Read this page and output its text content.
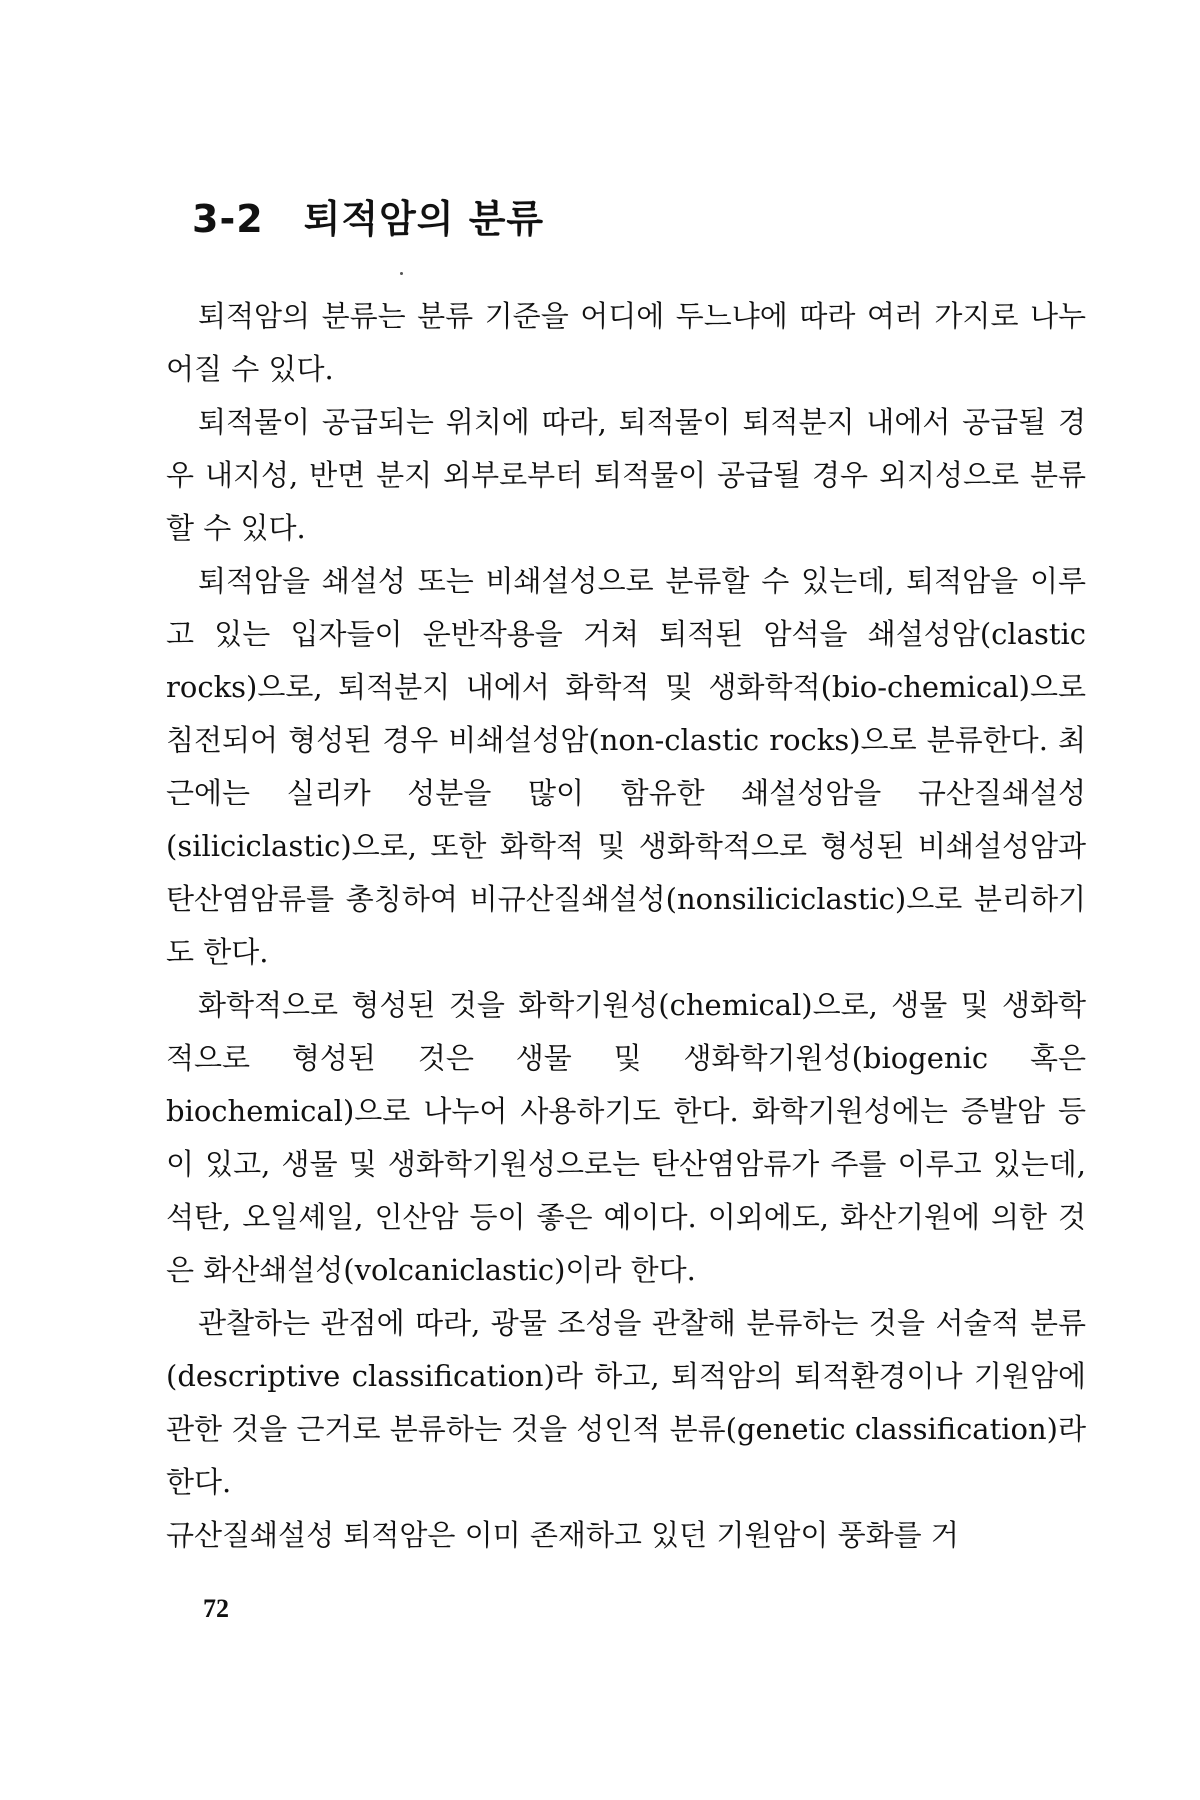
3-2 퇴적암의 분류

퇴적암의 분류는 분류 기준을 어디에 두느냐에 따라 여러 가지로 나누어질 수 있다.

퇴적물이 공급되는 위치에 따라, 퇴적물이 퇴적분지 내에서 공급될 경우 내지성, 반면 분지 외부로부터 퇴적물이 공급될 경우 외지성으로 분류할 수 있다.

퇴적암을 쇄설성 또는 비쇄설성으로 분류할 수 있는데, 퇴적암을 이루고 있는 입자들이 운반작용을 거쳐 퇴적된 암석을 쇄설성암(clastic rocks)으로, 퇴적분지 내에서 화학적 및 생화학적(bio-chemical)으로 침전되어 형성된 경우 비쇄설성암(non-clastic rocks)으로 분류한다. 최근에는 실리카 성분을 많이 함유한 쇄설성암을 규산질쇄설성(siliciclastic)으로, 또한 화학적 및 생화학적으로 형성된 비쇄설성암과 탄산염암류를 총칭하여 비규산질쇄설성(nonsiliciclastic)으로 분리하기도 한다.

화학적으로 형성된 것을 화학기원성(chemical)으로, 생물 및 생화학적으로 형성된 것은 생물 및 생화학기원성(biogenic 혹은 biochemical)으로 나누어 사용하기도 한다. 화학기원성에는 증발암 등이 있고, 생물 및 생화학기원성으로는 탄산염암류가 주를 이루고 있는데, 석탄, 오일셰일, 인산암 등이 좋은 예이다. 이외에도, 화산기원에 의한 것은 화산쇄설성(volcaniclastic)이라 한다.

관찰하는 관점에 따라, 광물 조성을 관찰해 분류하는 것을 서술적 분류(descriptive classification)라 하고, 퇴적암의 퇴적환경이나 기원암에 관한 것을 근거로 분류하는 것을 성인적 분류(genetic classification)라 한다.

규산질쇄설성 퇴적암은 이미 존재하고 있던 기원암이 풍화를 거

72
